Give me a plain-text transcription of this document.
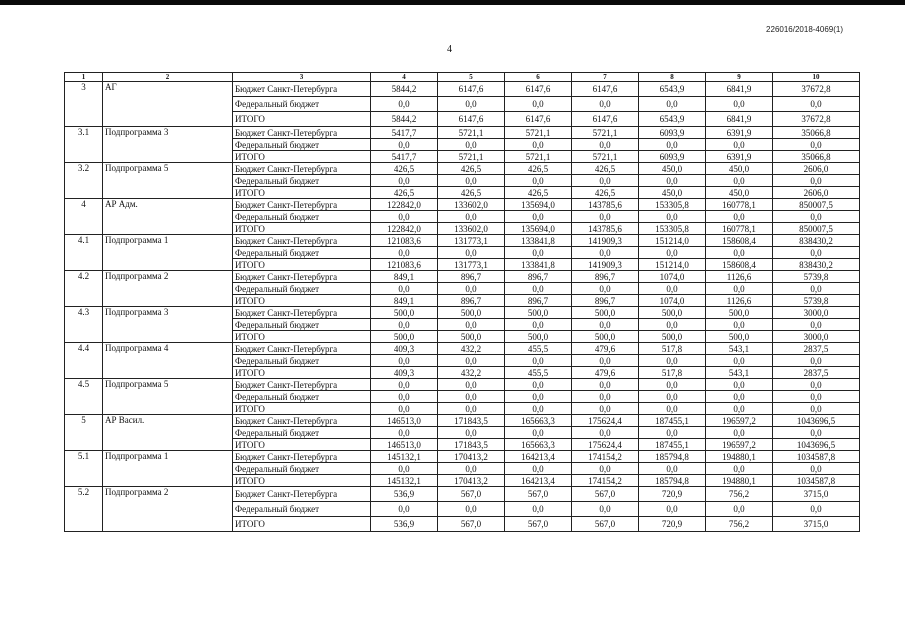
226016/2018-4069(1)
4
1	2	3	4	5	6	7	8	9	10
3	АГ	Бюджет Санкт-Петербурга	5844,2	6147,6	6147,6	6147,6	6543,9	6841,9	37672,8
		Федеральный бюджет	0,0	0,0	0,0	0,0	0,0	0,0	0,0
		ИТОГО	5844,2	6147,6	6147,6	6147,6	6543,9	6841,9	37672,8
3.1	Подпрограмма 3	Бюджет Санкт-Петербурга	5417,7	5721,1	5721,1	5721,1	6093,9	6391,9	35066,8
		Федеральный бюджет	0,0	0,0	0,0	0,0	0,0	0,0	0,0
		ИТОГО	5417,7	5721,1	5721,1	5721,1	6093,9	6391,9	35066,8
3.2	Подпрограмма 5	Бюджет Санкт-Петербурга	426,5	426,5	426,5	426,5	450,0	450,0	2606,0
		Федеральный бюджет	0,0	0,0	0,0	0,0	0,0	0,0	0,0
		ИТОГО	426,5	426,5	426,5	426,5	450,0	450,0	2606,0
4	АР Адм.	Бюджет Санкт-Петербурга	122842,0	133602,0	135694,0	143785,6	153305,8	160778,1	850007,5
		Федеральный бюджет	0,0	0,0	0,0	0,0	0,0	0,0	0,0
		ИТОГО	122842,0	133602,0	135694,0	143785,6	153305,8	160778,1	850007,5
4.1	Подпрограмма 1	Бюджет Санкт-Петербурга	121083,6	131773,1	133841,8	141909,3	151214,0	158608,4	838430,2
		Федеральный бюджет	0,0	0,0	0,0	0,0	0,0	0,0	0,0
		ИТОГО	121083,6	131773,1	133841,8	141909,3	151214,0	158608,4	838430,2
4.2	Подпрограмма 2	Бюджет Санкт-Петербурга	849,1	896,7	896,7	896,7	1074,0	1126,6	5739,8
		Федеральный бюджет	0,0	0,0	0,0	0,0	0,0	0,0	0,0
		ИТОГО	849,1	896,7	896,7	896,7	1074,0	1126,6	5739,8
4.3	Подпрограмма 3	Бюджет Санкт-Петербурга	500,0	500,0	500,0	500,0	500,0	500,0	3000,0
		Федеральный бюджет	0,0	0,0	0,0	0,0	0,0	0,0	0,0
		ИТОГО	500,0	500,0	500,0	500,0	500,0	500,0	3000,0
4.4	Подпрограмма 4	Бюджет Санкт-Петербурга	409,3	432,2	455,5	479,6	517,8	543,1	2837,5
		Федеральный бюджет	0,0	0,0	0,0	0,0	0,0	0,0	0,0
		ИТОГО	409,3	432,2	455,5	479,6	517,8	543,1	2837,5
4.5	Подпрограмма 5	Бюджет Санкт-Петербурга	0,0	0,0	0,0	0,0	0,0	0,0	0,0
		Федеральный бюджет	0,0	0,0	0,0	0,0	0,0	0,0	0,0
		ИТОГО	0,0	0,0	0,0	0,0	0,0	0,0	0,0
5	АР Васил.	Бюджет Санкт-Петербурга	146513,0	171843,5	165663,3	175624,4	187455,1	196597,2	1043696,5
		Федеральный бюджет	0,0	0,0	0,0	0,0	0,0	0,0	0,0
		ИТОГО	146513,0	171843,5	165663,3	175624,4	187455,1	196597,2	1043696,5
5.1	Подпрограмма 1	Бюджет Санкт-Петербурга	145132,1	170413,2	164213,4	174154,2	185794,8	194880,1	1034587,8
		Федеральный бюджет	0,0	0,0	0,0	0,0	0,0	0,0	0,0
		ИТОГО	145132,1	170413,2	164213,4	174154,2	185794,8	194880,1	1034587,8
5.2	Подпрограмма 2	Бюджет Санкт-Петербурга	536,9	567,0	567,0	567,0	720,9	756,2	3715,0
		Федеральный бюджет	0,0	0,0	0,0	0,0	0,0	0,0	0,0
		ИТОГО	536,9	567,0	567,0	567,0	720,9	756,2	3715,0
